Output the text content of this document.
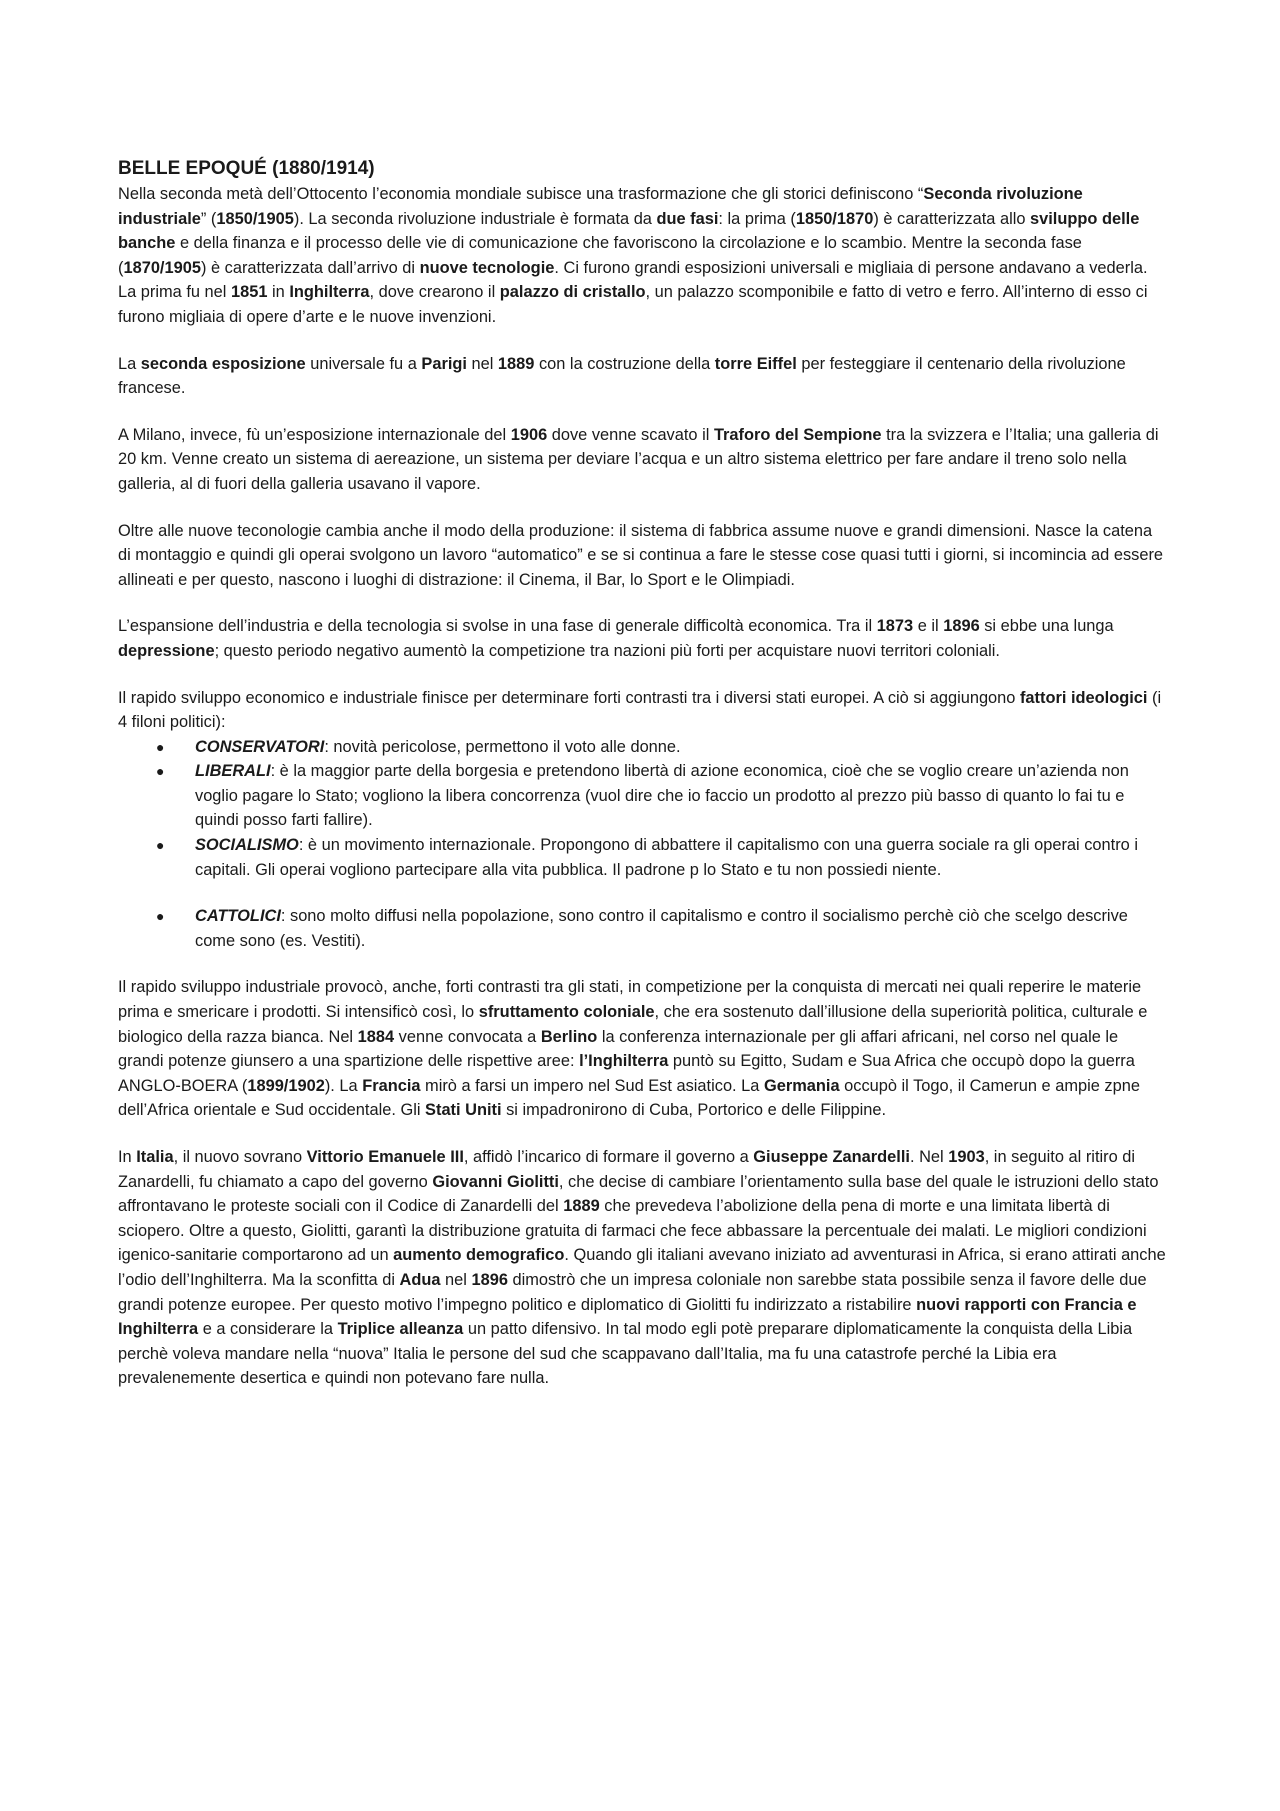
BELLE EPOQUÉ (1880/1914)

Nella seconda metà dell’Ottocento l’economia mondiale subisce una trasformazione che gli storici definiscono “Seconda rivoluzione industriale” (1850/1905). La seconda rivoluzione industriale è formata da due fasi: la prima (1850/1870) è caratterizzata allo sviluppo delle banche e della finanza e il processo delle vie di comunicazione che favoriscono la circolazione e lo scambio. Mentre la seconda fase (1870/1905) è caratterizzata dall’arrivo di nuove tecnologie. Ci furono grandi esposizioni universali e migliaia di persone andavano a vederla. La prima fu nel 1851 in Inghilterra, dove crearono il palazzo di cristallo, un palazzo scomponibile e fatto di vetro e ferro. All’interno di esso ci furono migliaia di opere d’arte e le nuove invenzioni.

La seconda esposizione universale fu a Parigi nel 1889 con la costruzione della torre Eiffel per festeggiare il centenario della rivoluzione francese.

A Milano, invece, fù un’esposizione internazionale del 1906 dove venne scavato il Traforo del Sempione tra la svizzera e l’Italia; una galleria di 20 km. Venne creato un sistema di aereazione, un sistema per deviare l’acqua e un altro sistema elettrico per fare andare il treno solo nella galleria, al di fuori della galleria usavano il vapore.

Oltre alle nuove teconologie cambia anche il modo della produzione: il sistema di fabbrica assume nuove e grandi dimensioni. Nasce la catena di montaggio e quindi gli operai svolgono un lavoro “automatico” e se si continua a fare le stesse cose quasi tutti i giorni, si incomincia ad essere allineati e per questo, nascono i luoghi di distrazione: il Cinema, il Bar, lo Sport e le Olimpiadi.

L’espansione dell’industria e della tecnologia si svolse in una fase di generale difficoltà economica. Tra il 1873 e il 1896 si ebbe una lunga depressione; questo periodo negativo aumentò la competizione tra nazioni più forti per acquistare nuovi territori coloniali.

Il rapido sviluppo economico e industriale finisce per determinare forti contrasti tra i diversi stati europei. A ciò si aggiungono fattori ideologici (i 4 filoni politici):

● CONSERVATORI: novità pericolose, permettono il voto alle donne.
● LIBERALI: è la maggior parte della borgesia e pretendono libertà di azione economica, cioè che se voglio creare un’azienda non voglio pagare lo Stato; vogliono la libera concorrenza (vuol dire che io faccio un prodotto al prezzo più basso di quanto lo fai tu e quindi posso farti fallire).
● SOCIALISMO: è un movimento internazionale. Propongono di abbattere il capitalismo con una guerra sociale ra gli operai contro i capitali. Gli operai vogliono partecipare alla vita pubblica. Il padrone p lo Stato e tu non possiedi niente.
● CATTOLICI: sono molto diffusi nella popolazione, sono contro il capitalismo e contro il socialismo perchè ciò che scelgo descrive come sono (es. Vestiti).

Il rapido sviluppo industriale provocò, anche, forti contrasti tra gli stati, in competizione per la conquista di mercati nei quali reperire le materie prima e smericare i prodotti. Si intensificò così, lo sfruttamento coloniale, che era sostenuto dall’illusione della superiorità politica, culturale e biologico della razza bianca. Nel 1884 venne convocata a Berlino la conferenza internazionale per gli affari africani, nel corso nel quale le grandi potenze giunsero a una spartizione delle rispettive aree: l’Inghilterra puntò su Egitto, Sudam e Sua Africa che occupò dopo la guerra ANGLO-BOERA (1899/1902). La Francia mirò a farsi un impero nel Sud Est asiatico. La Germania occupò il Togo, il Camerun e ampie zpne dell’Africa orientale e Sud occidentale. Gli Stati Uniti si impadronirono di Cuba, Portorico e delle Filippine.

In Italia, il nuovo sovrano Vittorio Emanuele III, affidò l’incarico di formare il governo a Giuseppe Zanardelli. Nel 1903, in seguito al ritiro di Zanardelli, fu chiamato a capo del governo Giovanni Giolitti, che decise di cambiare l’orientamento sulla base del quale le istruzioni dello stato affrontavano le proteste sociali con il Codice di Zanardelli del 1889 che prevedeva l’abolizione della pena di morte e una limitata libertà di sciopero. Oltre a questo, Giolitti, garantì la distribuzione gratuita di farmaci che fece abbassare la percentuale dei malati. Le migliori condizioni igenico-sanitarie comportarono ad un aumento demografico. Quando gli italiani avevano iniziato ad avventurasi in Africa, si erano attirati anche l’odio dell’Inghilterra. Ma la sconfitta di Adua nel 1896 dimostrò che un impresa coloniale non sarebbe stata possibile senza il favore delle due grandi potenze europee. Per questo motivo l’impegno politico e diplomatico di Giolitti fu indirizzato a ristabilire nuovi rapporti con Francia e Inghilterra e a considerare la Triplice alleanza un patto difensivo. In tal modo egli potè preparare diplomaticamente la conquista della Libia perchè voleva mandare nella “nuova” Italia le persone del sud che scappavano dall’Italia, ma fu una catastrofe perché la Libia era prevalenemente desertica e quindi non potevano fare nulla.
